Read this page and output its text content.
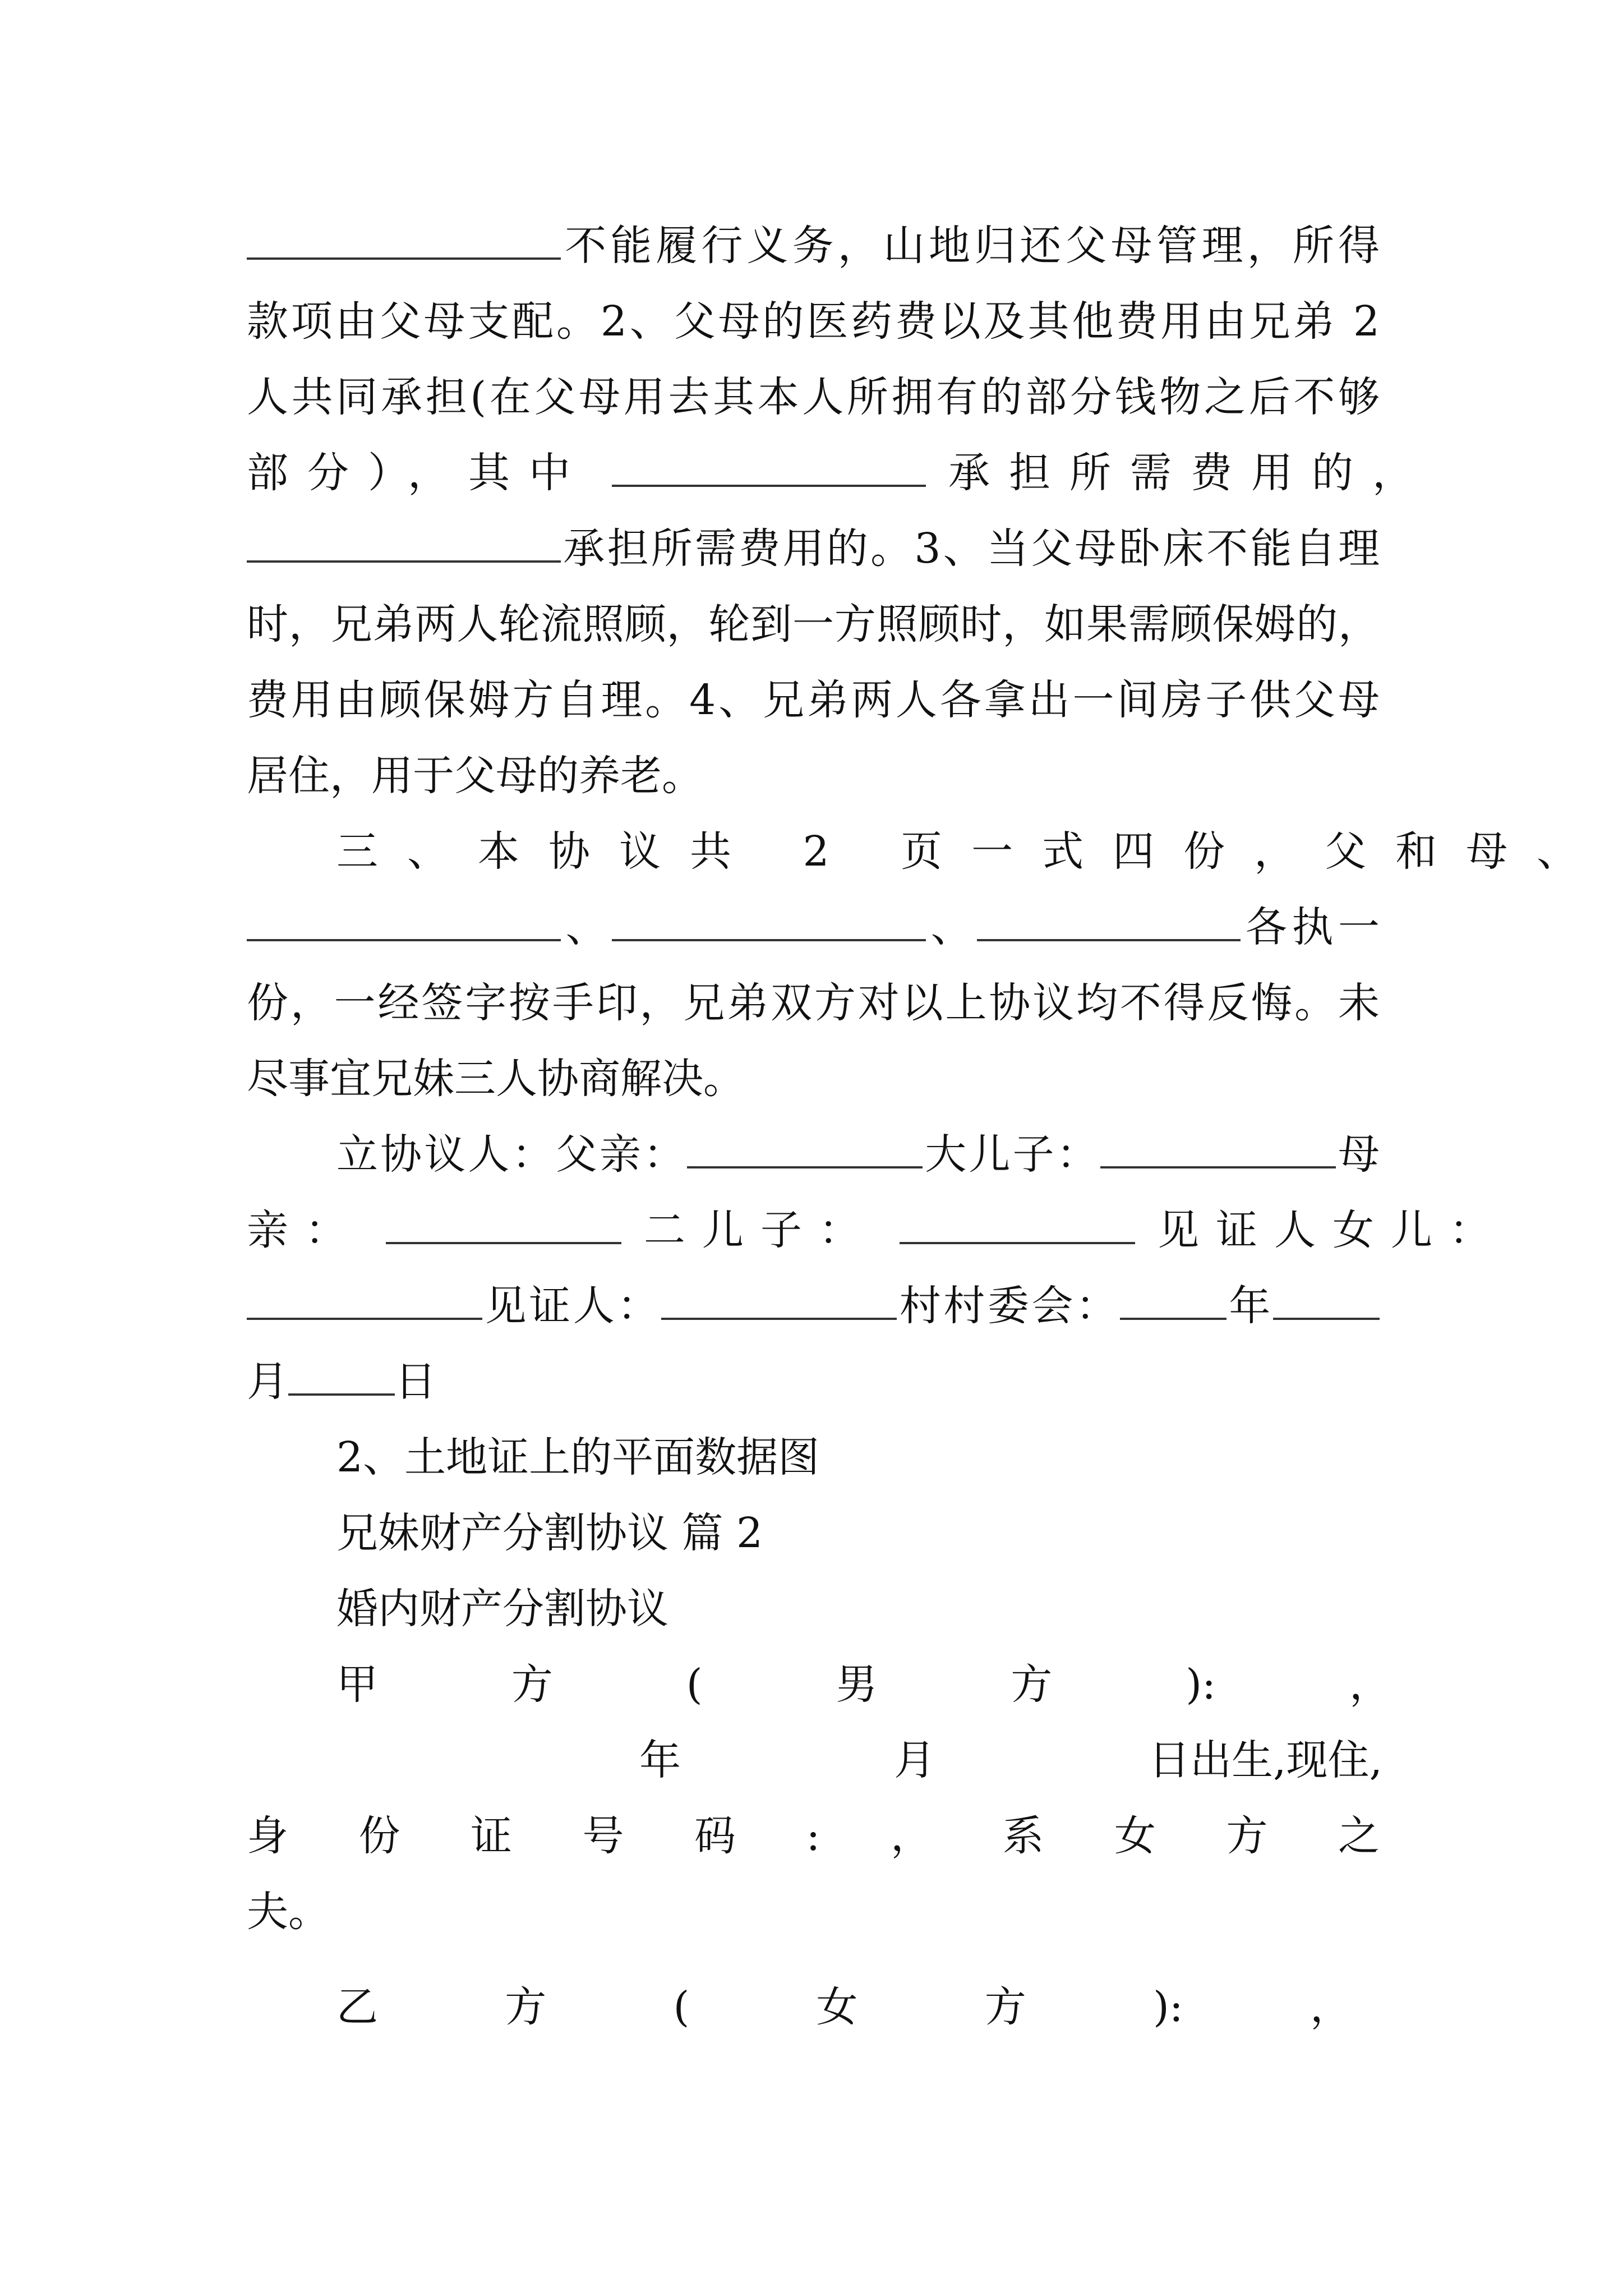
不能履行义务，山地归还父母管理，所得

款项由父母支配。2、父母的医药费以及其他费用由兄弟 2

人共同承担(在父母用去其本人所拥有的部分钱物之后不够

部分），其中	承担所需费用的，

承担所需费用的。3、当父母卧床不能自理

时，兄弟两人轮流照顾，轮到一方照顾时，如果需顾保姆的，

费用由顾保姆方自理。4、兄弟两人各拿出一间房子供父母

居住，用于父母的养老。

三、本协议共 2 页一式四份，父和母、

、	、	各执一

份，一经签字按手印，兄弟双方对以上协议均不得反悔。未

尽事宜兄妹三人协商解决。

立协议人：父亲：	大儿子：	母

亲：	二儿子：	见证人女儿：

见证人：	村村委会：	年

月	日

2、土地证上的平面数据图

兄妹财产分割协议 篇 2

婚内财产分割协议

甲方(男方):，

年	月	日出生,现住,

身份证号码:，系女方之

夫。

乙方(女方):，
